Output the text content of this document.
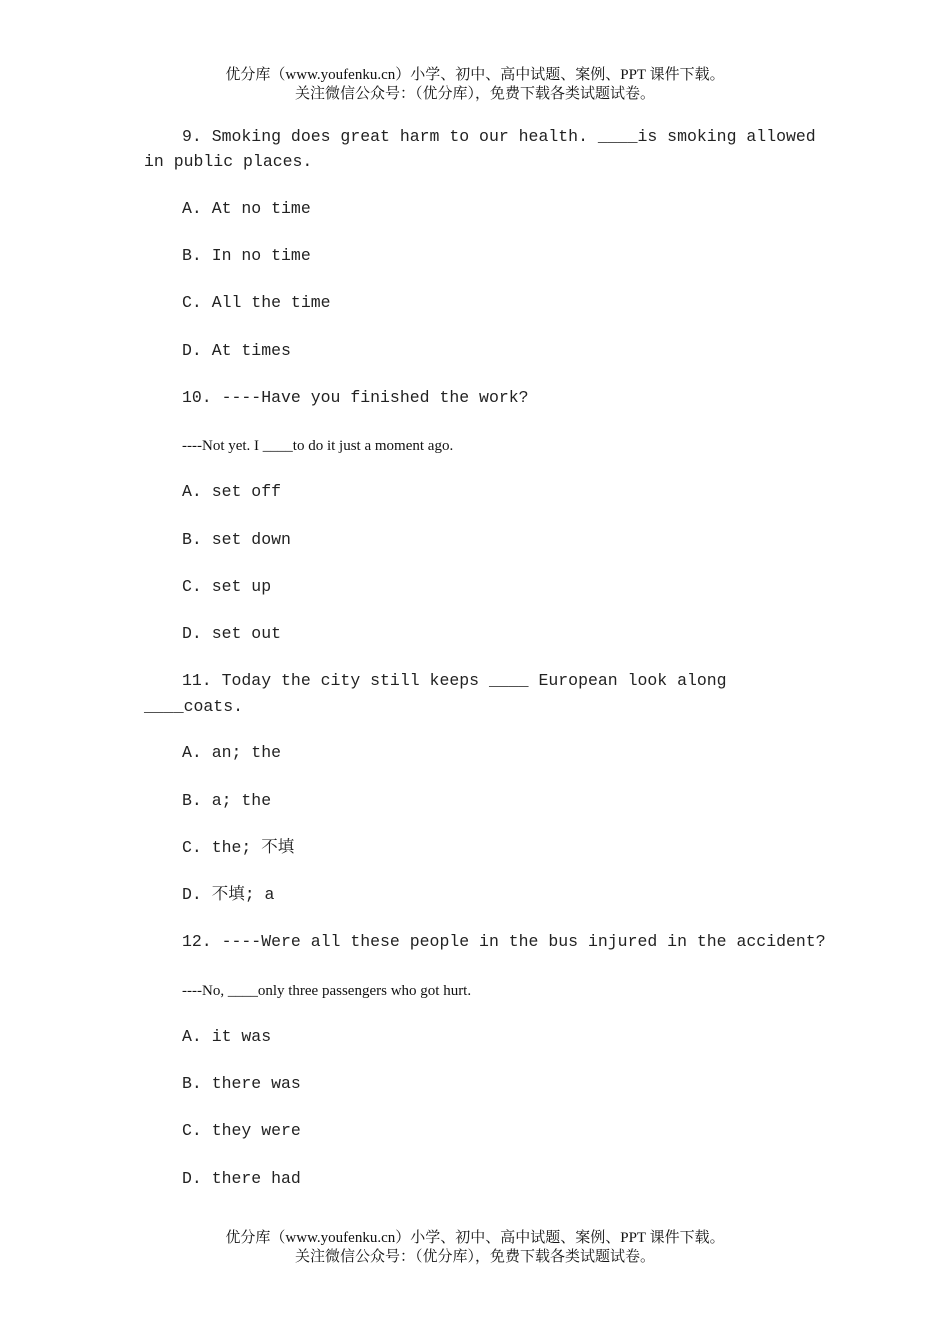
优分库（www.youfenku.cn）小学、初中、高中试题、案例、PPT 课件下载。
关注微信公众号：（优分库），免费下载各类试题试卷。
9. Smoking does great harm to our health. ____is smoking allowed
in public places.
A. At no time
B. In no time
C. All the time
D. At times
10. ----Have you finished the work?
----Not yet. I ____to do it just a moment ago.
A. set off
B. set down
C. set up
D. set out
11. Today the city still keeps ____ European look along
____coats.
A. an; the
B. a; the
C. the; 不填
D. 不填; a
12. ----Were all these people in the bus injured in the accident?
----No, ____only three passengers who got hurt.
A. it was
B. there was
C. they were
D. there had
优分库（www.youfenku.cn）小学、初中、高中试题、案例、PPT 课件下载。
关注微信公众号：（优分库），免费下载各类试题试卷。
